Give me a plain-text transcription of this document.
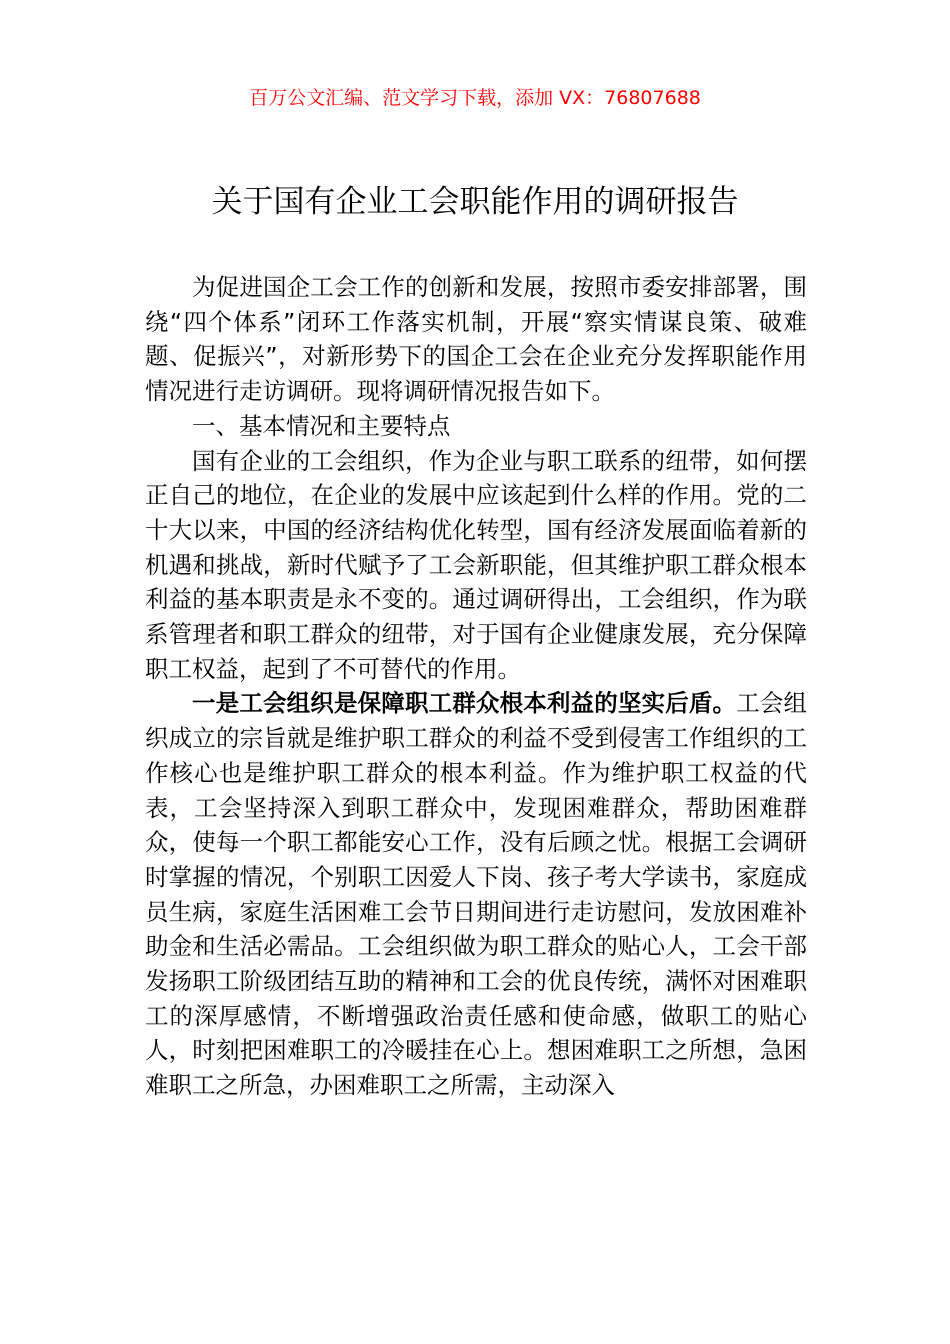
百万公文汇编、范文学习下载，添加 VX：76807688
关于国有企业工会职能作用的调研报告

为促进国企工会工作的创新和发展，按照市委安排部署，围绕“四个体系”闭环工作落实机制，开展“察实情谋良策、破难题、促振兴”，对新形势下的国企工会在企业充分发挥职能作用情况进行走访调研。现将调研情况报告如下。

一、基本情况和主要特点

国有企业的工会组织，作为企业与职工联系的纽带，如何摆正自己的地位，在企业的发展中应该起到什么样的作用。党的二十大以来，中国的经济结构优化转型，国有经济发展面临着新的机遇和挑战，新时代赋予了工会新职能，但其维护职工群众根本利益的基本职责是永不变的。通过调研得出，工会组织，作为联系管理者和职工群众的纽带，对于国有企业健康发展，充分保障职工权益，起到了不可替代的作用。

一是工会组织是保障职工群众根本利益的坚实后盾。工会组织成立的宗旨就是维护职工群众的利益不受到侵害工作组织的工作核心也是维护职工群众的根本利益。作为维护职工权益的代表，工会坚持深入到职工群众中，发现困难群众，帮助困难群众，使每一个职工都能安心工作，没有后顾之忧。根据工会调研时掌握的情况，个别职工因爱人下岗、孩子考大学读书，家庭成员生病，家庭生活困难工会节日期间进行走访慰问，发放困难补助金和生活必需品。工会组织做为职工群众的贴心人，工会干部发扬职工阶级团结互助的精神和工会的优良传统，满怀对困难职工的深厚感情，不断增强政治责任感和使命感，做职工的贴心人，时刻把困难职工的冷暖挂在心上。想困难职工之所想，急困难职工之所急，办困难职工之所需，主动深入
